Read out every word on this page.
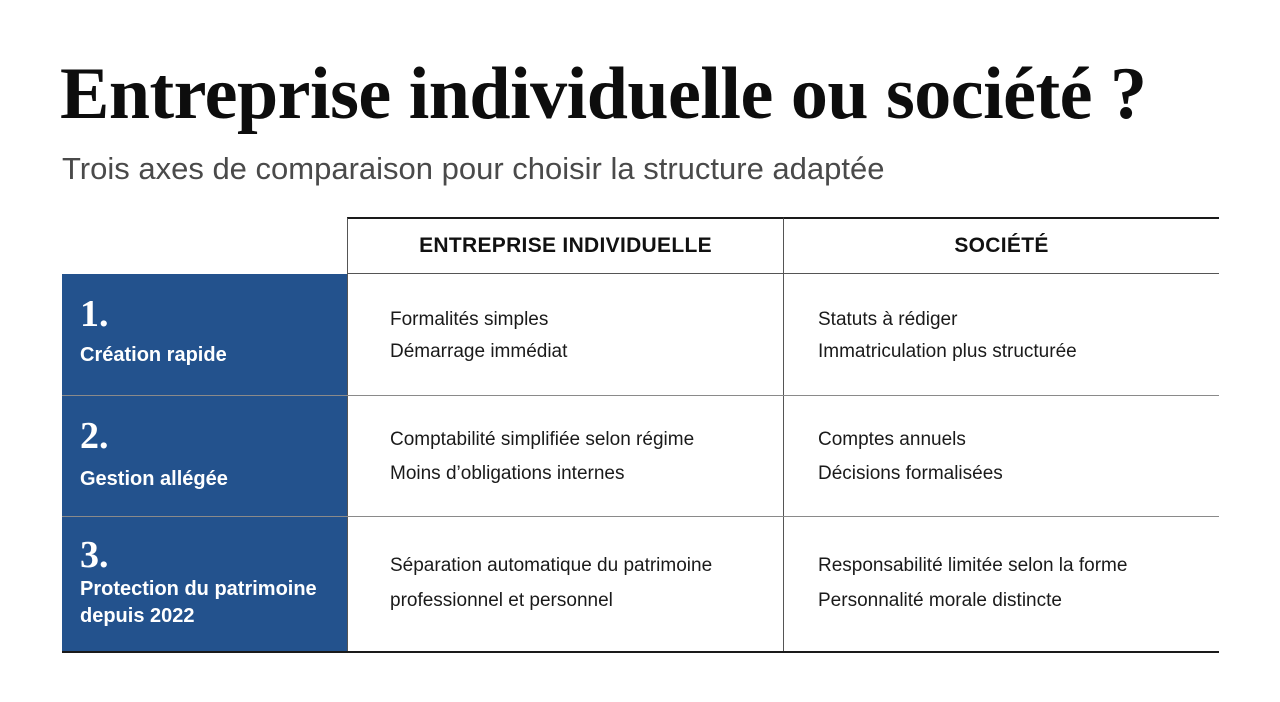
Entreprise individuelle ou société ?

Trois axes de comparaison pour choisir la structure adaptée

ENTREPRISE INDIVIDUELLE	SOCIÉTÉ
1.
Création rapide
Formalités simples
Démarrage immédiat
Statuts à rédiger
Immatriculation plus structurée
2.
Gestion allégée
Comptabilité simplifiée selon régime
Moins d’obligations internes
Comptes annuels
Décisions formalisées
3.
Protection du patrimoine depuis 2022
Séparation automatique du patrimoine
professionnel et personnel
Responsabilité limitée selon la forme
Personnalité morale distincte
